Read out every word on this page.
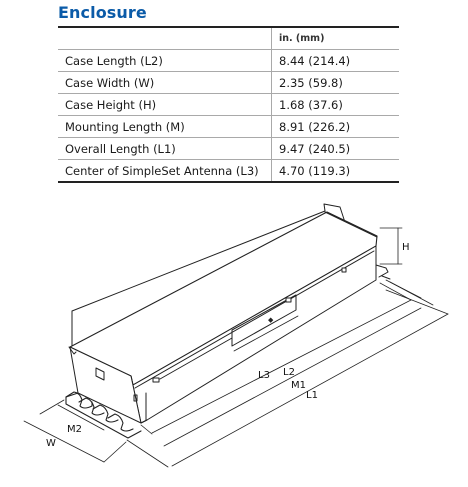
Enclosure
	in. (mm)
Case Length (L2)	8.44 (214.4)
Case Width (W)	2.35 (59.8)
Case Height (H)	1.68 (37.6)
Mounting Length (M)	8.91 (226.2)
Overall Length (L1)	9.47 (240.5)
Center of SimpleSet Antenna (L3)	4.70 (119.3)
◆
H
L3 L2
M1
L1
M2
W
